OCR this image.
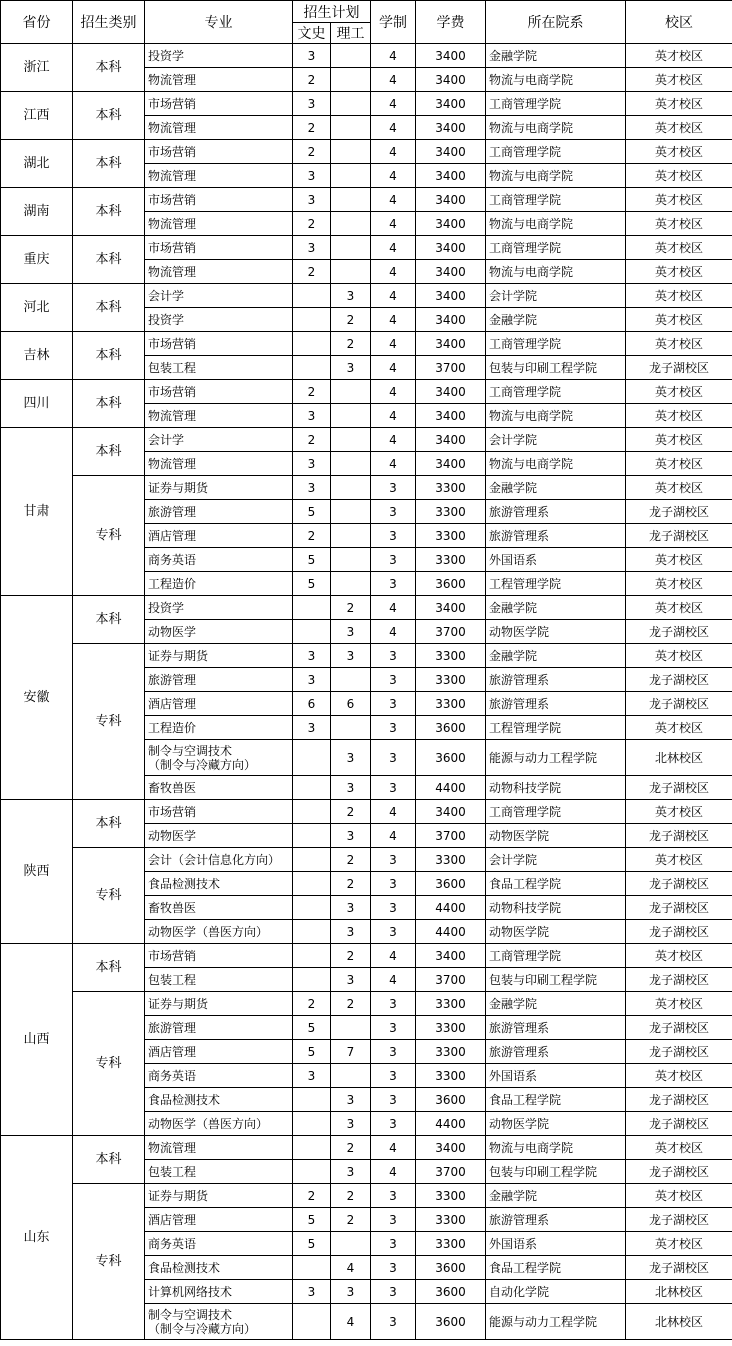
省份	招生类别	专业	招生计划		学制	学费	所在院系	校区
			文史	理工				
浙江	本科	投资学	3		4	3400	金融学院	英才校区

		物流管理	2		4	3400	物流与电商学院	英才校区
江西	本科	市场营销	3		4	3400	工商管理学院	英才校区

		物流管理	2		4	3400	物流与电商学院	英才校区
湖北	本科	市场营销	2		4	3400	工商管理学院	英才校区

		物流管理	3		4	3400	物流与电商学院	英才校区
湖南	本科	市场营销	3		4	3400	工商管理学院	英才校区

		物流管理	2		4	3400	物流与电商学院	英才校区
重庆	本科	市场营销	3		4	3400	工商管理学院	英才校区

		物流管理	2		4	3400	物流与电商学院	英才校区
河北	本科	会计学		3	4	3400	会计学院	英才校区

		投资学		2	4	3400	金融学院	英才校区
吉林	本科	市场营销		2	4	3400	工商管理学院	英才校区

		包装工程		3	4	3700	包装与印刷工程学院	龙子湖校区
四川	本科	市场营销	2		4	3400	工商管理学院	英才校区

		物流管理	3		4	3400	物流与电商学院	英才校区
甘肃	本科	会计学	2		4	3400	会计学院	英才校区

		物流管理	3		4	3400	物流与电商学院	英才校区
	专科	证券与期货	3		3	3300	金融学院	英才校区

		旅游管理	5		3	3300	旅游管理系	龙子湖校区

		酒店管理	2		3	3300	旅游管理系	龙子湖校区

		商务英语	5		3	3300	外国语系	英才校区

		工程造价	5		3	3600	工程管理学院	英才校区
安徽	本科	投资学		2	4	3400	金融学院	英才校区

		动物医学		3	4	3700	动物医学院	龙子湖校区
	专科	证券与期货	3	3	3	3300	金融学院	英才校区

		旅游管理	3		3	3300	旅游管理系	龙子湖校区

		酒店管理	6	6	3	3300	旅游管理系	龙子湖校区

		工程造价	3		3	3600	工程管理学院	英才校区

		制令与空调技术
（制令与冷藏方向）		3	3	3600	能源与动力工程学院	北林校区

		畜牧兽医		3	3	4400	动物科技学院	龙子湖校区
陕西	本科	市场营销		2	4	3400	工商管理学院	英才校区

		动物医学		3	4	3700	动物医学院	龙子湖校区
	专科	会计（会计信息化方向）		2	3	3300	会计学院	英才校区

		食品检测技术		2	3	3600	食品工程学院	龙子湖校区

		畜牧兽医		3	3	4400	动物科技学院	龙子湖校区

		动物医学（兽医方向）		3	3	4400	动物医学院	龙子湖校区
山西	本科	市场营销		2	4	3400	工商管理学院	英才校区

		包装工程		3	4	3700	包装与印刷工程学院	龙子湖校区
	专科	证券与期货	2	2	3	3300	金融学院	英才校区

		旅游管理	5		3	3300	旅游管理系	龙子湖校区

		酒店管理	5	7	3	3300	旅游管理系	龙子湖校区

		商务英语	3		3	3300	外国语系	英才校区

		食品检测技术		3	3	3600	食品工程学院	龙子湖校区

		动物医学（兽医方向）		3	3	4400	动物医学院	龙子湖校区
山东	本科	物流管理		2	4	3400	物流与电商学院	英才校区

		包装工程		3	4	3700	包装与印刷工程学院	龙子湖校区
	专科	证券与期货	2	2	3	3300	金融学院	英才校区

		酒店管理	5	2	3	3300	旅游管理系	龙子湖校区

		商务英语	5		3	3300	外国语系	英才校区

		食品检测技术		4	3	3600	食品工程学院	龙子湖校区

		计算机网络技术	3	3	3	3600	自动化学院	北林校区

		制令与空调技术
（制令与冷藏方向）		4	3	3600	能源与动力工程学院	北林校区
